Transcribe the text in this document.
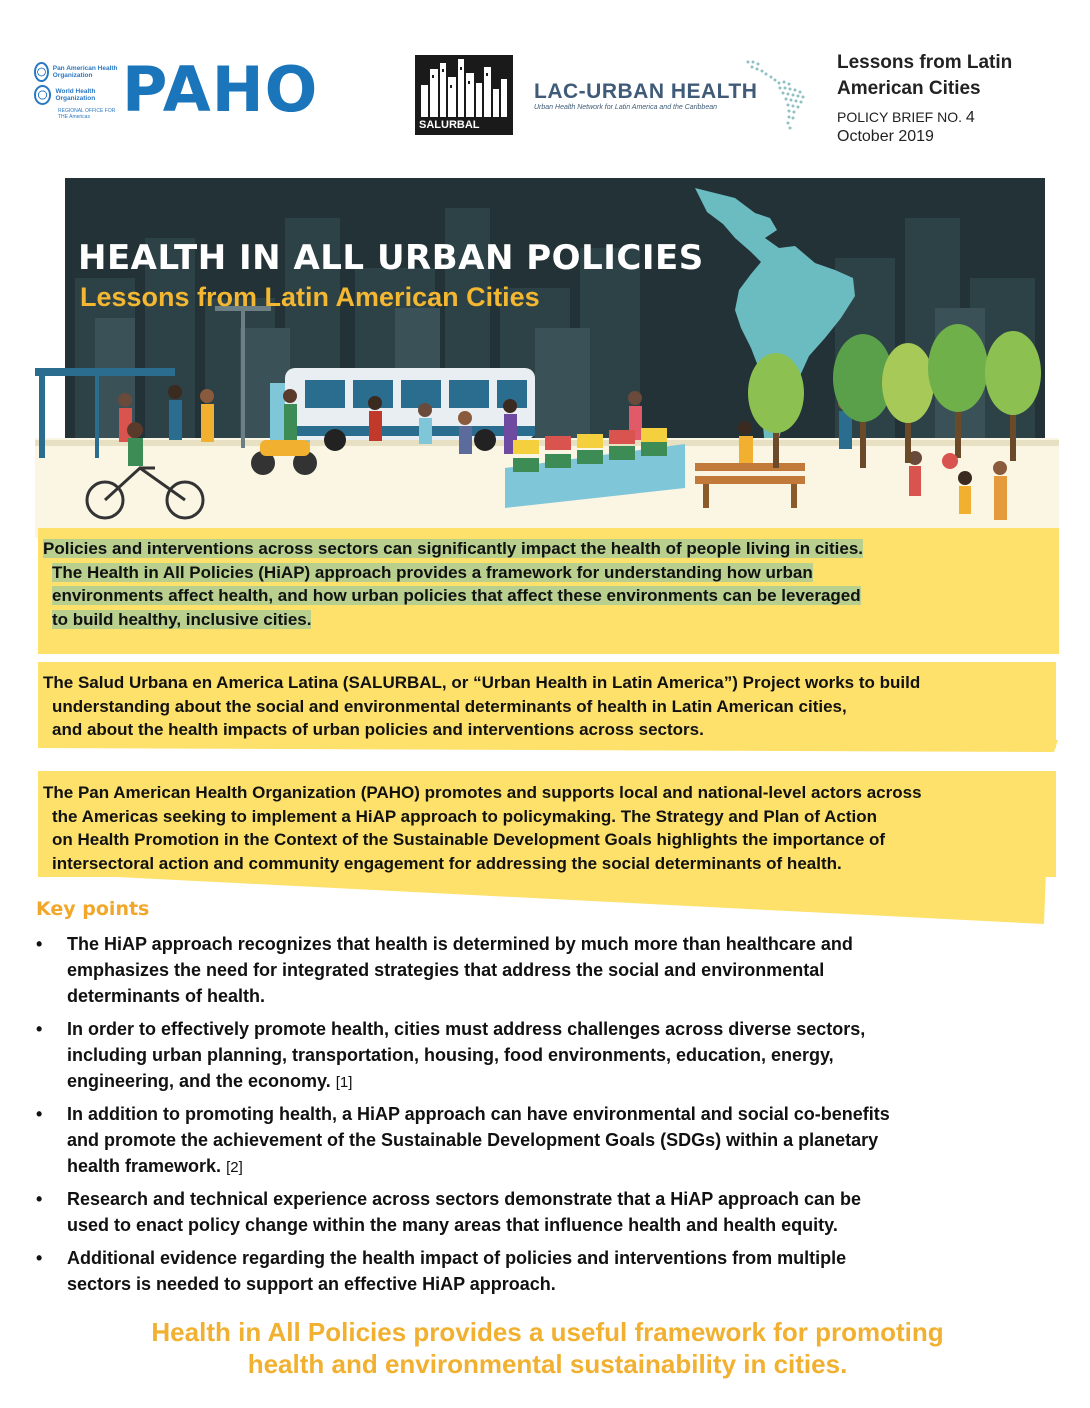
Pan American Health Organization
World Health Organization
REGIONAL OFFICE FOR THE Americas PAHO	SALURBAL
LAC-URBAN HEALTH
Urban Health Network for Latin America and the Caribbean
Lessons from Latin American Cities
POLICY BRIEF NO. 4
October 2019
HEALTH IN ALL URBAN POLICIES
Lessons from Latin American Cities
Policies and interventions across sectors can significantly impact the health of people living in cities.
The Health in All Policies (HiAP) approach provides a framework for understanding how urban
environments affect health, and how urban policies that affect these environments can be leveraged
to build healthy, inclusive cities.
The Salud Urbana en America Latina (SALURBAL, or “Urban Health in Latin America”) Project works to build
understanding about the social and environmental determinants of health in Latin American cities,
and about the health impacts of urban policies and interventions across sectors.
The Pan American Health Organization (PAHO) promotes and supports local and national-level actors across
the Americas seeking to implement a HiAP approach to policymaking. The Strategy and Plan of Action
on Health Promotion in the Context of the Sustainable Development Goals highlights the importance of
intersectoral action and community engagement for addressing the social determinants of health.
Key points
•	The HiAP approach recognizes that health is determined by much more than healthcare and
emphasizes the need for integrated strategies that address the social and environmental
determinants of health.
•	In order to effectively promote health, cities must address challenges across diverse sectors,
including urban planning, transportation, housing, food environments, education, energy,
engineering, and the economy. [1]
•	In addition to promoting health, a HiAP approach can have environmental and social co-benefits
and promote the achievement of the Sustainable Development Goals (SDGs) within a planetary
health framework. [2]
•	Research and technical experience across sectors demonstrate that a HiAP approach can be
used to enact policy change within the many areas that influence health and health equity.
•	Additional evidence regarding the health impact of policies and interventions from multiple
sectors is needed to support an effective HiAP approach.
Health in All Policies provides a useful framework for promoting
health and environmental sustainability in cities.
